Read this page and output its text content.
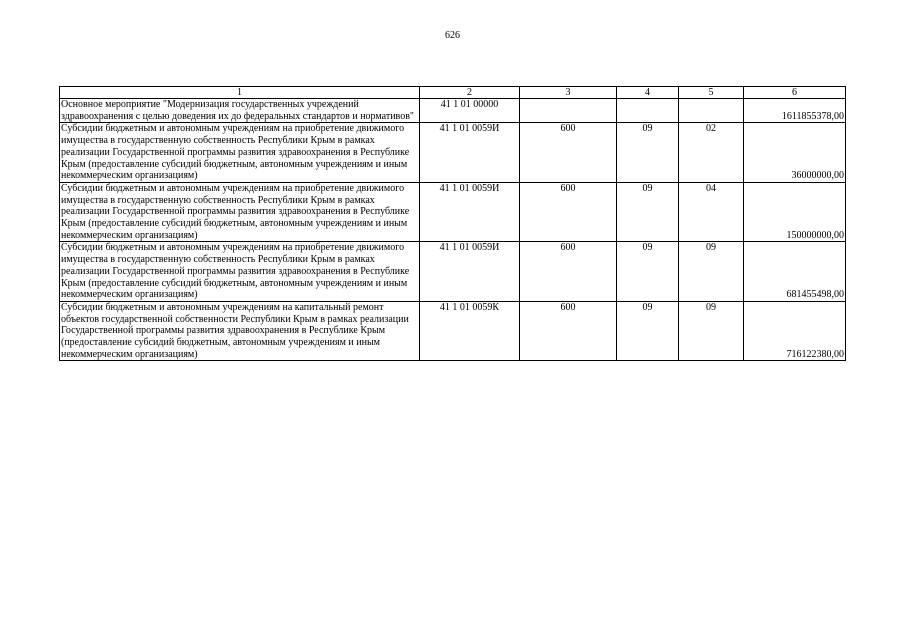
626
1	2	3	4	5	6
Основное мероприятие "Модернизация государственных учреждений здравоохранения с целью доведения их до федеральных стандартов и нормативов"	41 1 01 00000				1611855378,00
Субсидии бюджетным и автономным учреждениям на приобретение движимого имущества в государственную собственность Республики Крым в рамках реализации Государственной программы развития здравоохранения в Республике Крым (предоставление субсидий бюджетным, автономным учреждениям и иным некоммерческим организациям)	41 1 01 0059И	600	09	02	36000000,00
Субсидии бюджетным и автономным учреждениям на приобретение движимого имущества в государственную собственность Республики Крым в рамках реализации Государственной программы развития здравоохранения в Республике Крым (предоставление субсидий бюджетным, автономным учреждениям и иным некоммерческим организациям)	41 1 01 0059И	600	09	04	150000000,00
Субсидии бюджетным и автономным учреждениям на приобретение движимого имущества в государственную собственность Республики Крым в рамках реализации Государственной программы развития здравоохранения в Республике Крым (предоставление субсидий бюджетным, автономным учреждениям и иным некоммерческим организациям)	41 1 01 0059И	600	09	09	681455498,00
Субсидии бюджетным и автономным учреждениям на капитальный ремонт объектов государственной собственности Республики Крым в рамках реализации Государственной программы развития здравоохранения в Республике Крым (предоставление субсидий бюджетным, автономным учреждениям и иным некоммерческим организациям)	41 1 01 0059К	600	09	09	716122380,00
